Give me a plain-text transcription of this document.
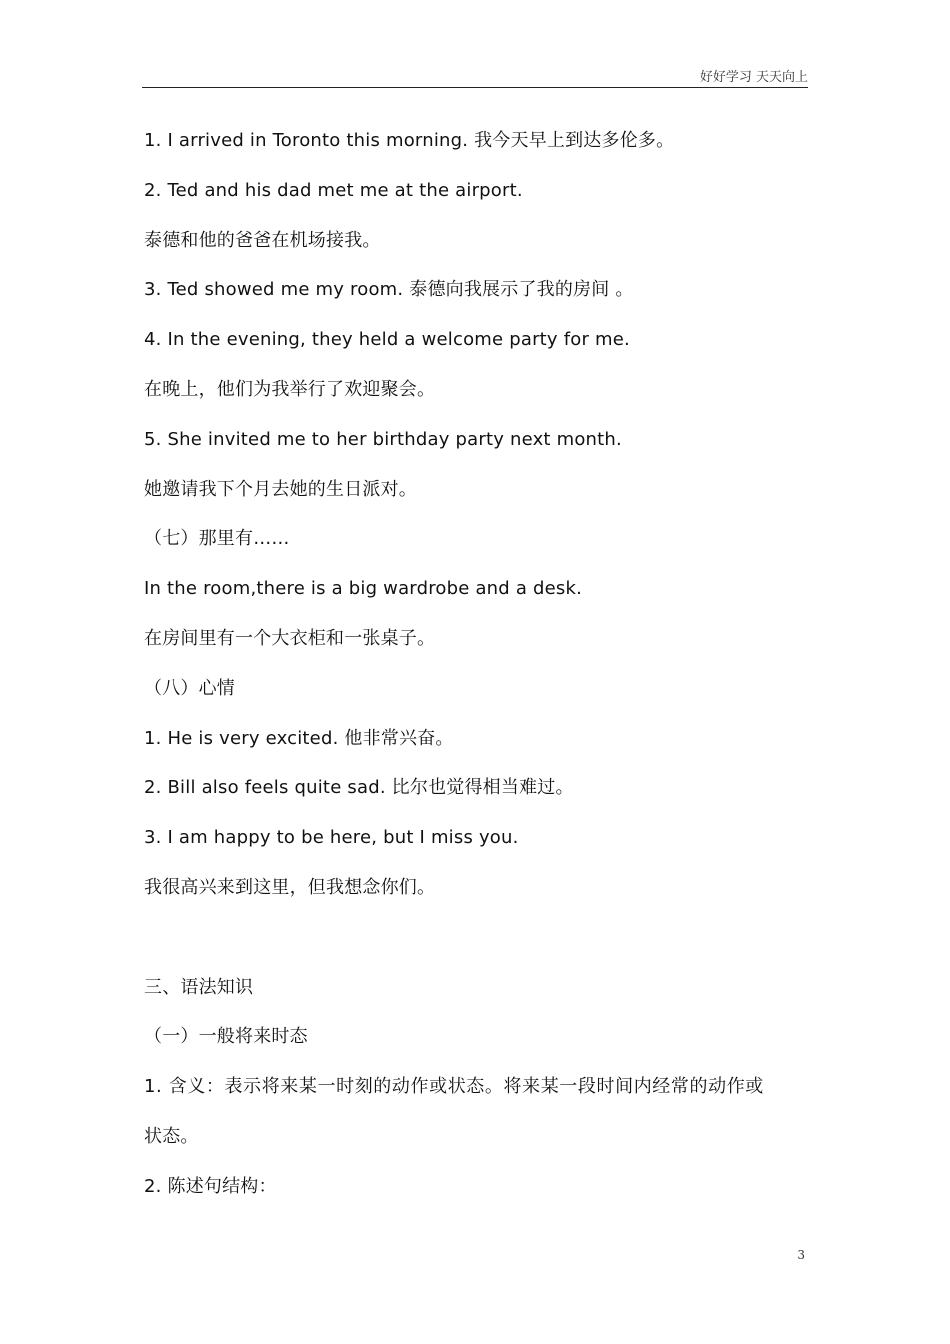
好好学习 天天向上
1. I arrived in Toronto this morning. 我今天早上到达多伦多。
2. Ted and his dad met me at the airport.
泰德和他的爸爸在机场接我。
3. Ted showed me my room. 泰德向我展示了我的房间 。
4. In the evening, they held a welcome party for me.
在晚上，他们为我举行了欢迎聚会。
5. She invited me to her birthday party next month.
她邀请我下个月去她的生日派对。
（七）那里有……
In the room,there is a big wardrobe and a desk.
在房间里有一个大衣柜和一张桌子。
（八）心情
1. He is very excited. 他非常兴奋。
2. Bill also feels quite sad. 比尔也觉得相当难过。
3. I am happy to be here, but I miss you.
我很高兴来到这里，但我想念你们。
三、语法知识
（一）一般将来时态
1. 含义：表示将来某一时刻的动作或状态。将来某一段时间内经常的动作或
状态。
2. 陈述句结构：
3
